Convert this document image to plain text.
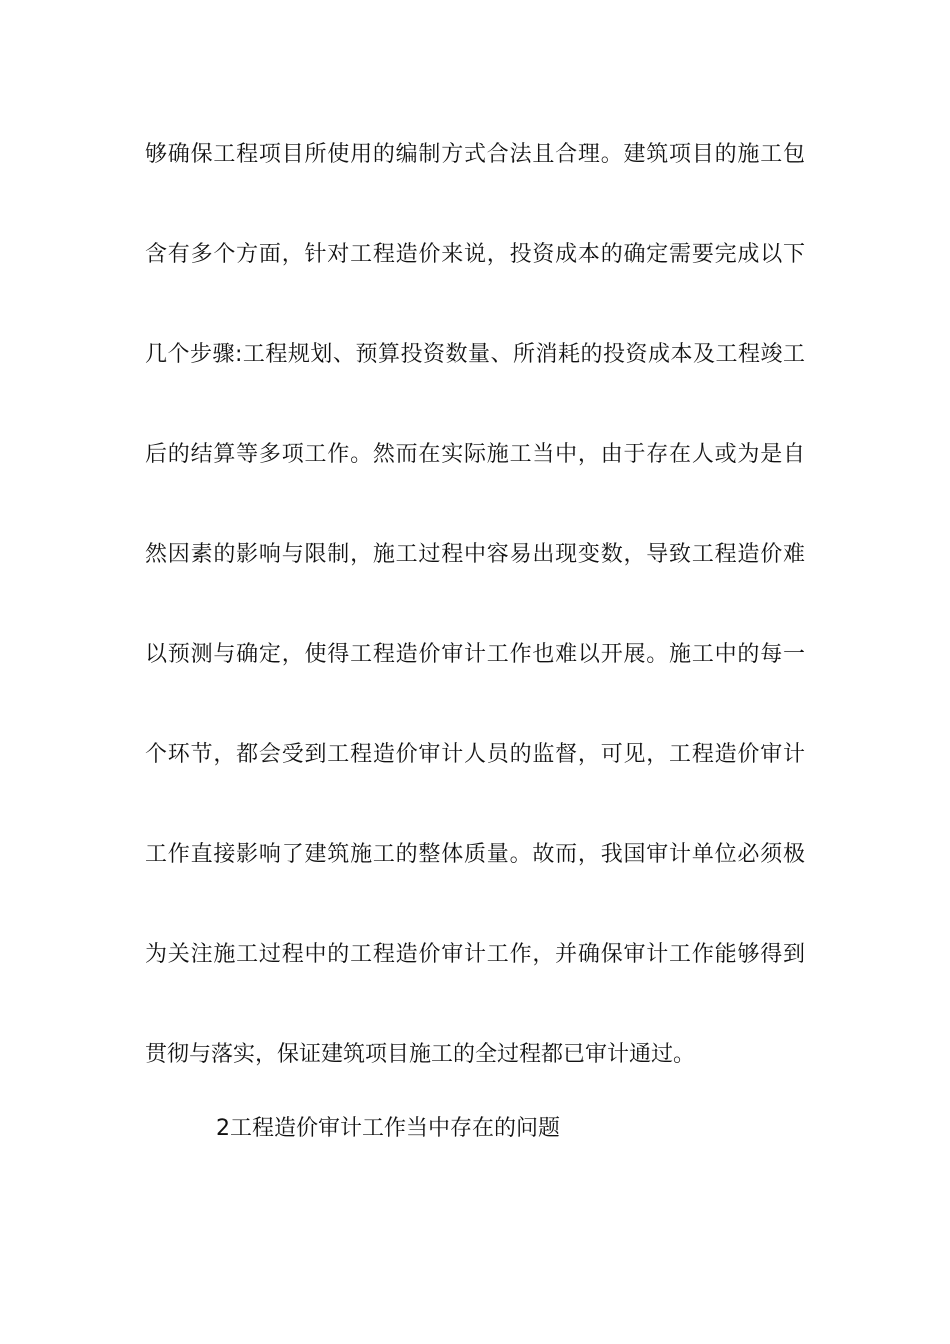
够确保工程项目所使用的编制方式合法且合理。建筑项目的施工包
含有多个方面，针对工程造价来说，投资成本的确定需要完成以下
几个步骤:工程规划、预算投资数量、所消耗的投资成本及工程竣工
后的结算等多项工作。然而在实际施工当中，由于存在人或为是自
然因素的影响与限制，施工过程中容易出现变数，导致工程造价难
以预测与确定，使得工程造价审计工作也难以开展。施工中的每一
个环节，都会受到工程造价审计人员的监督，可见，工程造价审计
工作直接影响了建筑施工的整体质量。故而，我国审计单位必须极
为关注施工过程中的工程造价审计工作，并确保审计工作能够得到
贯彻与落实，保证建筑项目施工的全过程都已审计通过。
2工程造价审计工作当中存在的问题
